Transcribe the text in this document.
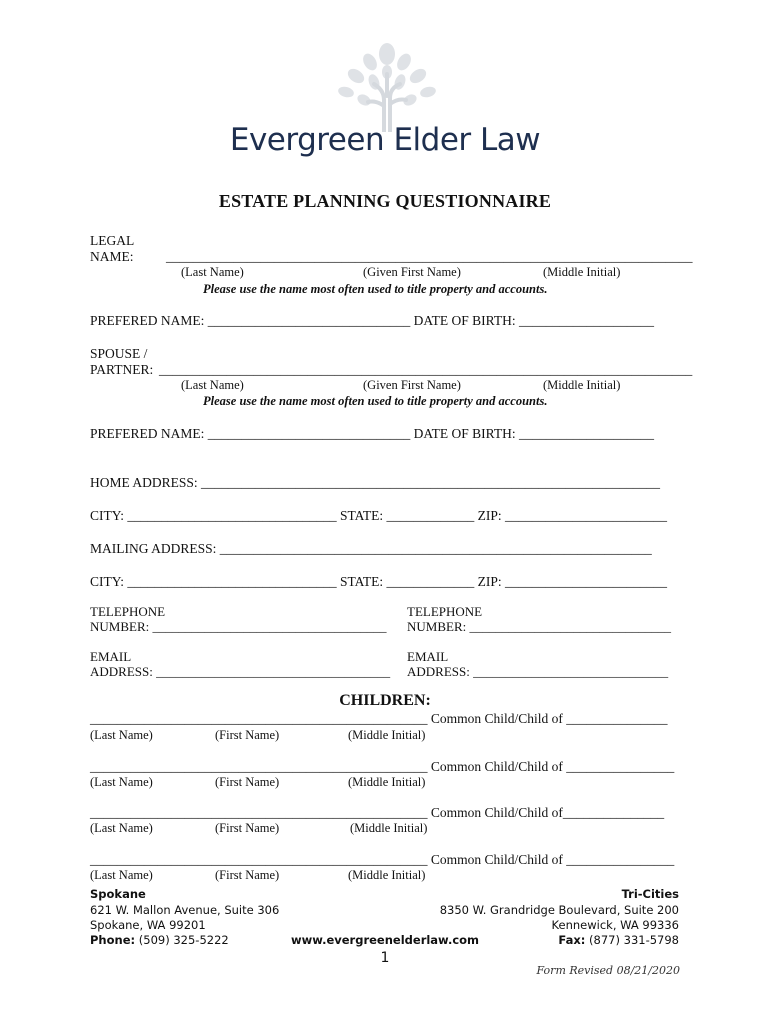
Evergreen Elder Law
ESTATE PLANNING QUESTIONNAIRE
LEGAL
NAME: ______________________________________________________________________________
(Last Name)	(Given First Name)	(Middle Initial)
Please use the name most often used to title property and accounts.
PREFERED NAME: ______________________________ DATE OF BIRTH: ____________________
SPOUSE /
PARTNER: _______________________________________________________________________________
(Last Name)	(Given First Name)	(Middle Initial)
Please use the name most often used to title property and accounts.
PREFERED NAME: ______________________________ DATE OF BIRTH: ____________________
HOME ADDRESS: ____________________________________________________________________
CITY: _______________________________ STATE: _____________ ZIP: ________________________
MAILING ADDRESS: ________________________________________________________________
CITY: _______________________________ STATE: _____________ ZIP: ________________________
TELEPHONE
NUMBER: ____________________________________
TELEPHONE
NUMBER: _______________________________
EMAIL
ADDRESS: ____________________________________
EMAIL
ADDRESS: ______________________________
CHILDREN:
__________________________________________________ Common Child/Child of _______________
(Last Name)	(First Name)	(Middle Initial)
__________________________________________________ Common Child/Child of ________________
(Last Name)	(First Name)	(Middle Initial)
__________________________________________________ Common Child/Child of_______________
(Last Name)	(First Name)	(Middle Initial)
__________________________________________________ Common Child/Child of ________________
(Last Name)	(First Name)	(Middle Initial)
Spokane
621 W. Mallon Avenue, Suite 306
Spokane, WA 99201
Phone: (509) 325-5222	www.evergreenelderlaw.com
Tri-Cities
8350 W. Grandridge Boulevard, Suite 200
Kennewick, WA 99336
Fax: (877) 331-5798
1
Form Revised 08/21/2020
